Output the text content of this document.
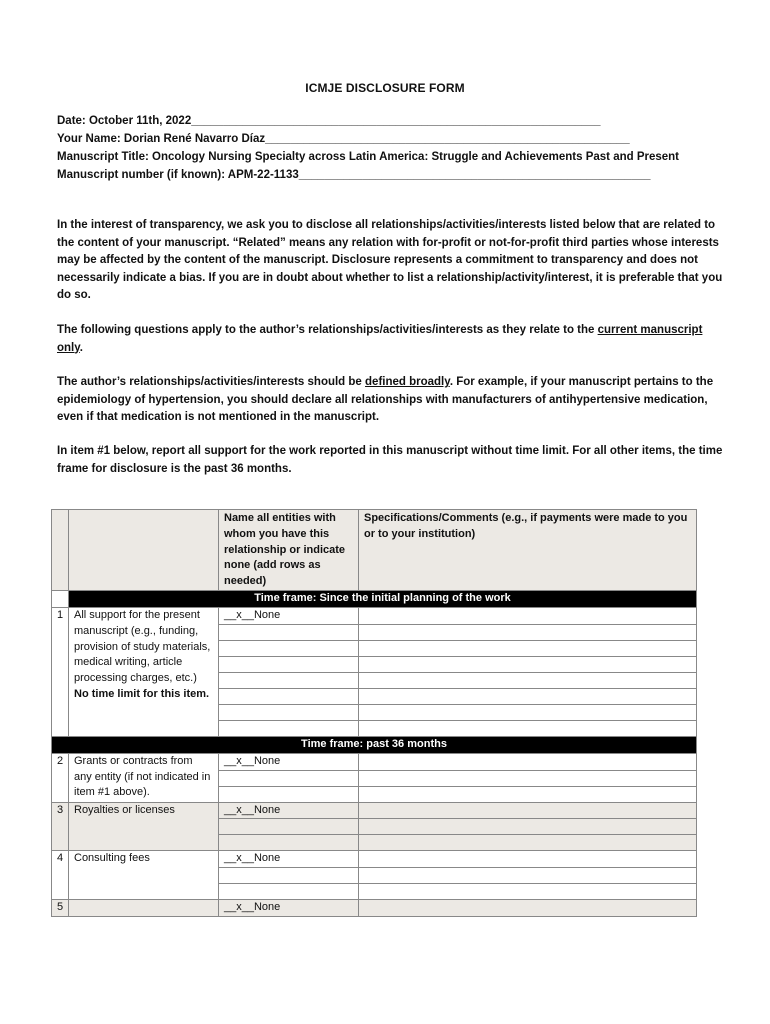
ICMJE DISCLOSURE FORM
Date: October 11th, 2022________________________________________________________________
Your Name: Dorian René Navarro Díaz_________________________________________________________
Manuscript Title: Oncology Nursing Specialty across Latin America: Struggle and Achievements Past and Present
Manuscript number (if known): APM-22-1133_______________________________________________________
In the interest of transparency, we ask you to disclose all relationships/activities/interests listed below that are related to the content of your manuscript. “Related” means any relation with for-profit or not-for-profit third parties whose interests may be affected by the content of the manuscript. Disclosure represents a commitment to transparency and does not necessarily indicate a bias. If you are in doubt about whether to list a relationship/activity/interest, it is preferable that you do so.
The following questions apply to the author’s relationships/activities/interests as they relate to the current manuscript only.
The author’s relationships/activities/interests should be defined broadly. For example, if your manuscript pertains to the epidemiology of hypertension, you should declare all relationships with manufacturers of antihypertensive medication, even if that medication is not mentioned in the manuscript.
In item #1 below, report all support for the work reported in this manuscript without time limit. For all other items, the time frame for disclosure is the past 36 months.
		Name all entities with whom you have this relationship or indicate none (add rows as needed)	Specifications/Comments (e.g., if payments were made to you or to your institution)
	Time frame: Since the initial planning of the work		
1	All support for the present manuscript (e.g., funding, provision of study materials, medical writing, article processing charges, etc.)
No time limit for this item.	__x__None	

Time frame: past 36 months			
2	Grants or contracts from any entity (if not indicated in item #1 above).	__x__None	

3	Royalties or licenses	__x__None	

4	Consulting fees	__x__None	

5		__x__None	
